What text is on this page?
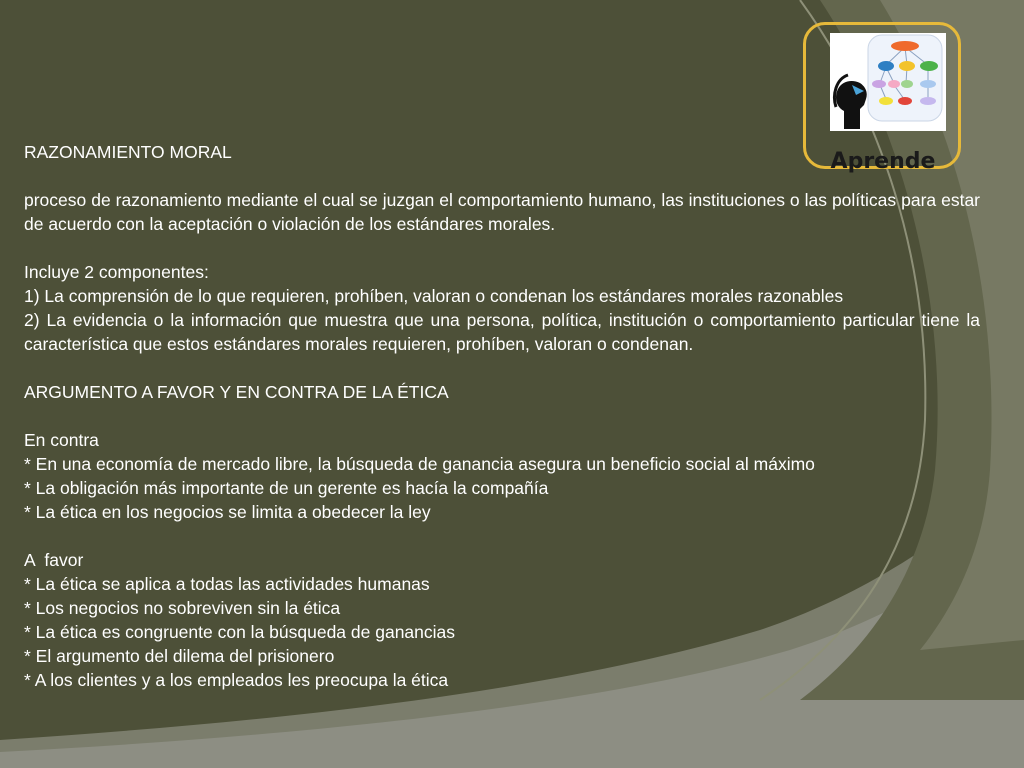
Aprende

RAZONAMIENTO MORAL

proceso de razonamiento mediante el cual se juzgan el comportamiento humano, las instituciones o las políticas para estar de acuerdo con la aceptación o violación de los estándares morales.

Incluye 2 componentes:

1) La comprensión de lo que requieren, prohíben, valoran o condenan los estándares morales razonables

2) La evidencia o la información que muestra que una persona, política, institución o comportamiento particular tiene la característica que estos estándares morales requieren, prohíben, valoran o condenan.

ARGUMENTO A FAVOR Y EN CONTRA DE LA ÉTICA

En contra

* En una economía de mercado libre, la búsqueda de ganancia asegura un beneficio social al máximo

* La obligación más importante de un gerente es hacía la compañía

* La ética en los negocios se limita a obedecer la ley

A  favor

* La ética se aplica a todas las actividades humanas

* Los negocios no sobreviven sin la ética

* La ética es congruente con la búsqueda de ganancias

* El argumento del dilema del prisionero

* A los clientes y a los empleados les preocupa la ética
